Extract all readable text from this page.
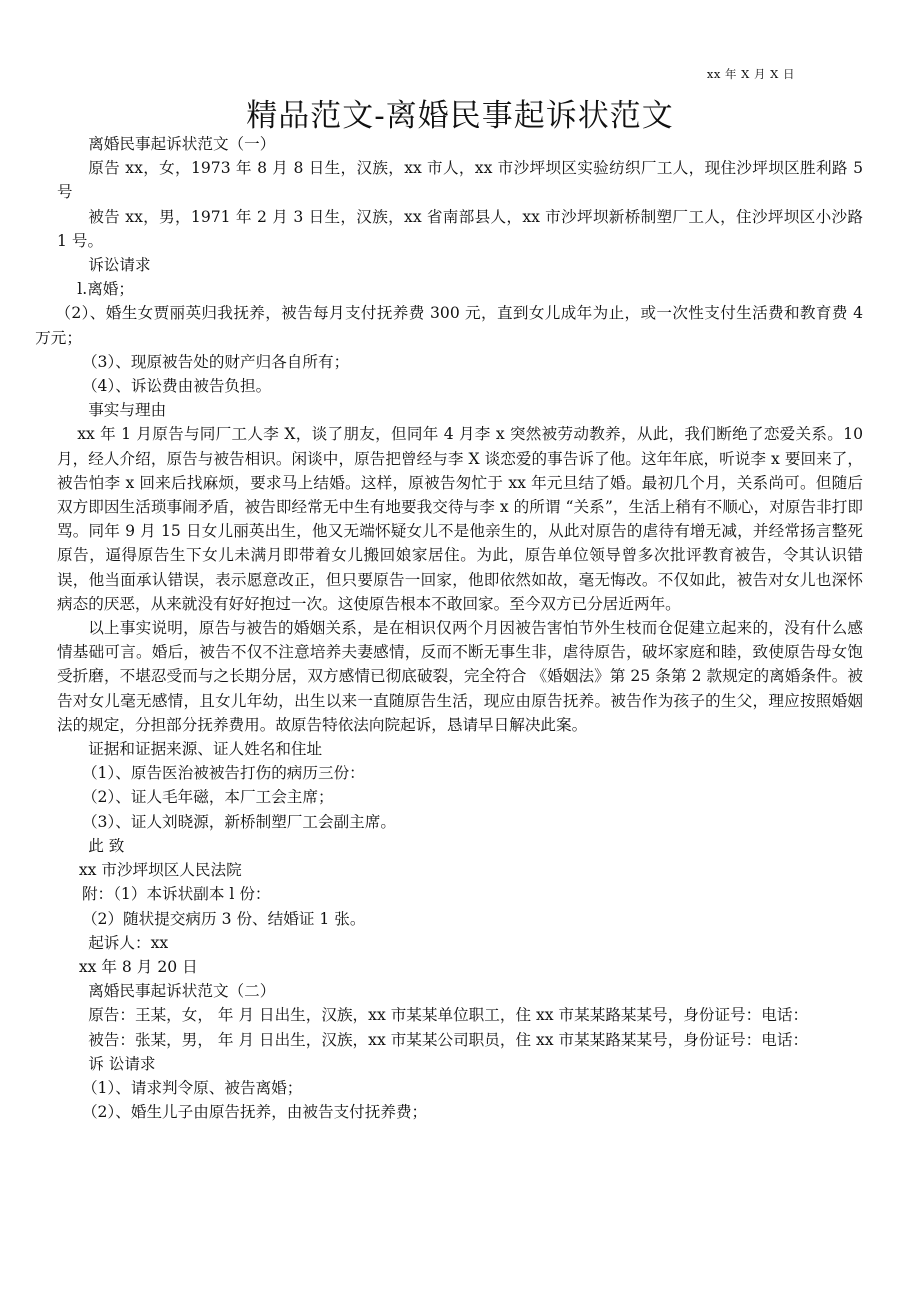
xx 年 X 月 X 日
精品范文-离婚民事起诉状范文

离婚民事起诉状范文（一）

原告 xx，女，1973 年 8 月 8 日生，汉族，xx 市人，xx 市沙坪坝区实验纺织厂工人，现住沙坪坝区胜利路 5 号

被告 xx，男，1971 年 2 月 3 日生，汉族，xx 省南部县人，xx 市沙坪坝新桥制塑厂工人，住沙坪坝区小沙路 1 号。

诉讼请求

l.离婚；

（2）、婚生女贾丽英归我抚养，被告每月支付抚养费 300 元，直到女儿成年为止，或一次性支付生活费和教育费 4 万元；

（3）、现原被告处的财产归各自所有；

（4）、诉讼费由被告负担。

事实与理由

xx 年 1 月原告与同厂工人李 X，谈了朋友，但同年 4 月李 x 突然被劳动教养，从此，我们断绝了恋爱关系。10 月，经人介绍，原告与被告相识。闲谈中，原告把曾经与李 X 谈恋爱的事告诉了他。这年年底，听说李 x 要回来了，被告怕李 x 回来后找麻烦，要求马上结婚。这样，原被告匆忙于 xx 年元旦结了婚。最初几个月，关系尚可。但随后双方即因生活琐事闹矛盾，被告即经常无中生有地要我交待与李 x 的所谓 “关系”，生活上稍有不顺心，对原告非打即骂。同年 9 月 15 日女儿丽英出生，他又无端怀疑女儿不是他亲生的，从此对原告的虐待有增无减，并经常扬言整死原告，逼得原告生下女儿未满月即带着女儿搬回娘家居住。为此，原告单位领导曾多次批评教育被告，令其认识错误，他当面承认错误，表示愿意改正，但只要原告一回家，他即依然如故，毫无悔改。不仅如此，被告对女儿也深怀病态的厌恶，从来就没有好好抱过一次。这使原告根本不敢回家。至今双方已分居近两年。

以上事实说明，原告与被告的婚姻关系，是在相识仅两个月因被告害怕节外生枝而仓促建立起来的，没有什么感情基础可言。婚后，被告不仅不注意培养夫妻感情，反而不断无事生非，虐待原告，破坏家庭和睦，致使原告母女饱受折磨，不堪忍受而与之长期分居，双方感情已彻底破裂，完全符合 《婚姻法》第 25 条第 2 款规定的离婚条件。被告对女儿毫无感情，且女儿年幼，出生以来一直随原告生活，现应由原告抚养。被告作为孩子的生父，理应按照婚姻法的规定，分担部分抚养费用。故原告特依法向院起诉，恳请早日解决此案。

证据和证据来源、证人姓名和住址

（1）、原告医治被被告打伤的病历三份：

（2）、证人毛年磁，本厂工会主席；

（3）、证人刘晓源，新桥制塑厂工会副主席。

此 致

xx 市沙坪坝区人民法院

附：（1）本诉状副本 l 份：

（2）随状提交病历 3 份、结婚证 1 张。

起诉人：xx

xx 年 8 月 20 日

离婚民事起诉状范文（二）

原告：王某，女， 年 月 日出生，汉族，xx 市某某单位职工，住 xx 市某某路某某号，身份证号：电话：

被告：张某，男， 年 月 日出生，汉族，xx 市某某公司职员，住 xx 市某某路某某号，身份证号：电话：

诉 讼请求

（1）、请求判令原、被告离婚；

（2）、婚生儿子由原告抚养，由被告支付抚养费；
